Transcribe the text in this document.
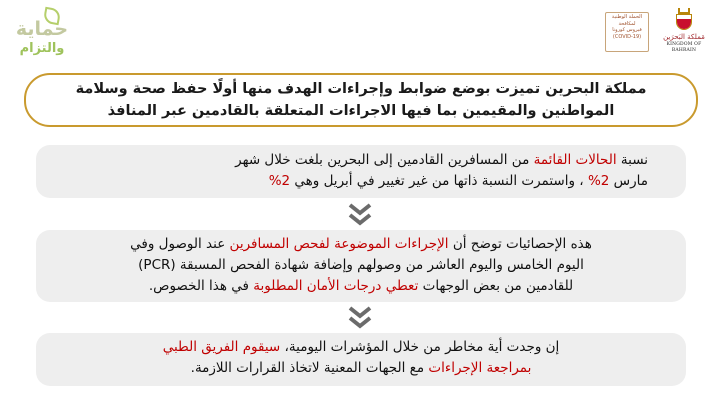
حماية
والتزام
الحملة الوطنية
لمكافحة
فيروس كورونا
(COVID-19)	مَملكة البَحرَين
KINGDOM OF BAHRAIN
مملكة البحرين تميزت بوضع ضوابط وإجراءات الهدف منها أولًا حفظ صحة وسلامة
المواطنين والمقيمين بما فيها الاجراءات المتعلقة بالقادمين عبر المنافذ
نسبة الحالات القائمة من المسافرين القادمين إلى البحرين بلغت خلال شهر
مارس 2% ، واستمرت النسبة ذاتها من غير تغيير في أبريل وهي 2%
هذه الإحصائيات توضح أن الإجراءات الموضوعة لفحص المسافرين عند الوصول وفي
اليوم الخامس واليوم العاشر من وصولهم وإضافة شهادة الفحص المسبقة (PCR)
للقادمين من بعض الوجهات تعطي درجات الأمان المطلوبة في هذا الخصوص.
إن وجدت أية مخاطر من خلال المؤشرات اليومية، سيقوم الفريق الطبي
بمراجعة الإجراءات مع الجهات المعنية لاتخاذ القرارات اللازمة.
